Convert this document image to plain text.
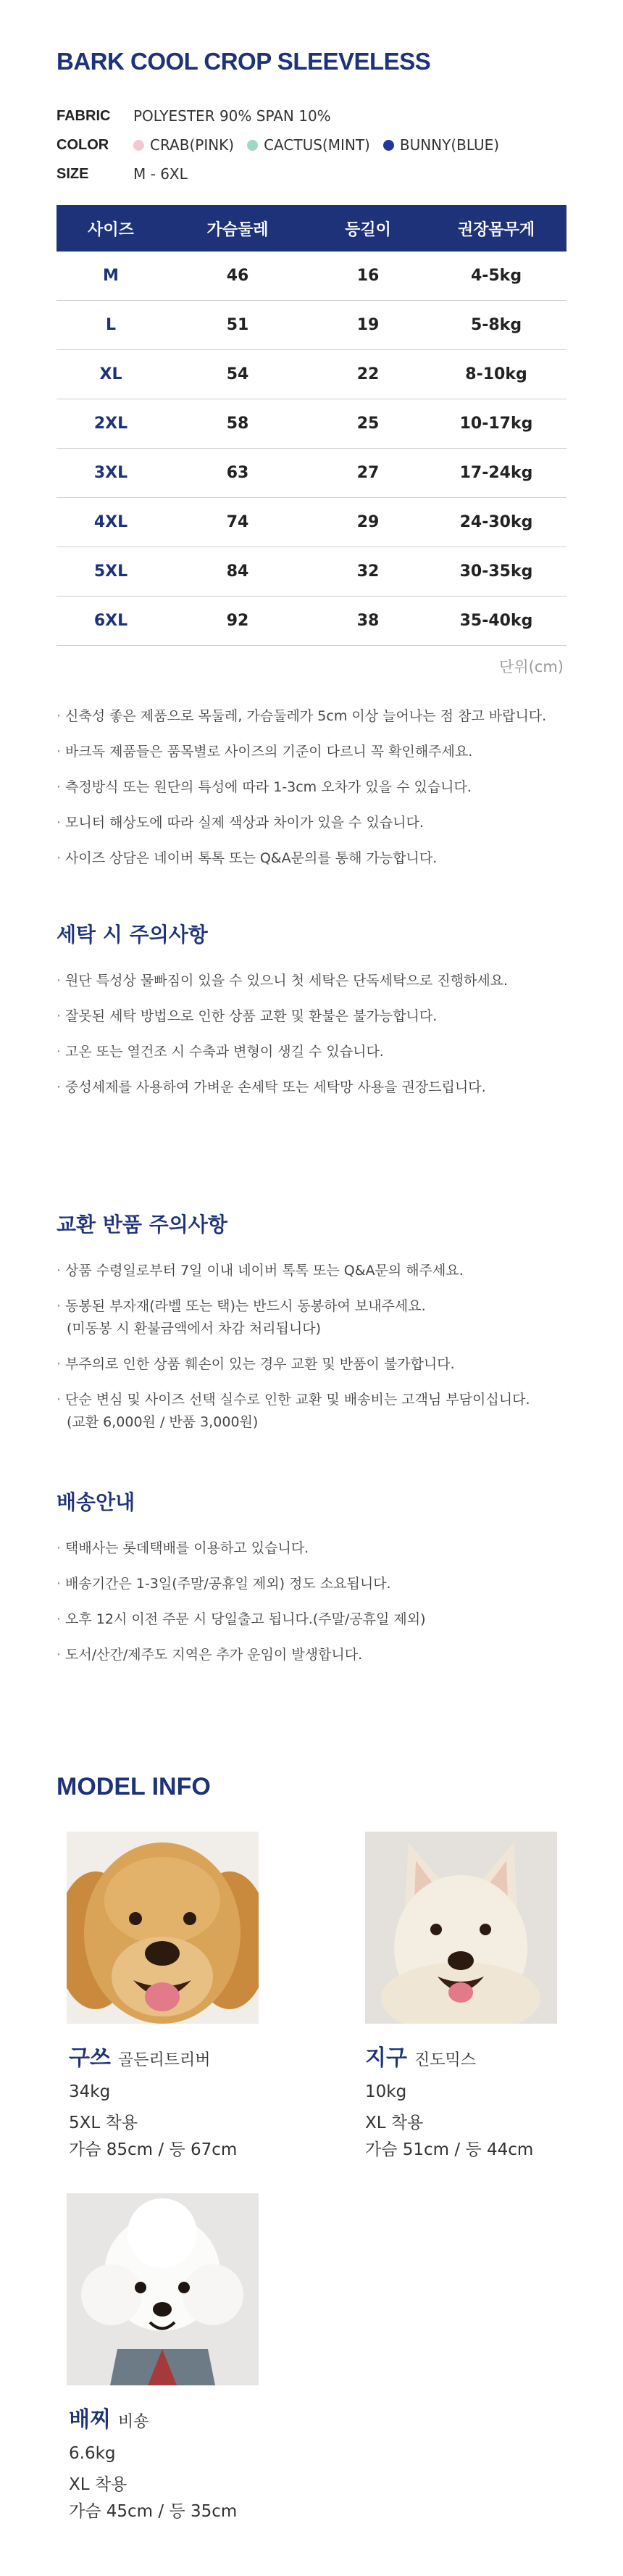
BARK COOL CROP SLEEVELESS
FABRIC	POLYESTER 90% SPAN 10%
COLOR	CRAB(PINK) CACTUS(MINT) BUNNY(BLUE)
SIZE	M - 6XL
사이즈	가슴둘레	등길이	권장몸무게
M	46	16	4-5kg
L	51	19	5-8kg
XL	54	22	8-10kg
2XL	58	25	10-17kg
3XL	63	27	17-24kg
4XL	74	29	24-30kg
5XL	84	32	30-35kg
6XL	92	38	35-40kg
단위(cm)
· 신축성 좋은 제품으로 목둘레, 가슴둘레가 5cm 이상 늘어나는 점 참고 바랍니다.
· 바크독 제품들은 품목별로 사이즈의 기준이 다르니 꼭 확인해주세요.
· 측정방식 또는 원단의 특성에 따라 1-3cm 오차가 있을 수 있습니다.
· 모니터 해상도에 따라 실제 색상과 차이가 있을 수 있습니다.
· 사이즈 상담은 네이버 톡톡 또는 Q&A문의를 통해 가능합니다.
세탁 시 주의사항
· 원단 특성상 물빠짐이 있을 수 있으니 첫 세탁은 단독세탁으로 진행하세요.
· 잘못된 세탁 방법으로 인한 상품 교환 및 환불은 불가능합니다.
· 고온 또는 열건조 시 수축과 변형이 생길 수 있습니다.
· 중성세제를 사용하여 가벼운 손세탁 또는 세탁망 사용을 권장드립니다.
교환 반품 주의사항
· 상품 수령일로부터 7일 이내 네이버 톡톡 또는 Q&A문의 해주세요.
· 동봉된 부자재(라벨 또는 택)는 반드시 동봉하여 보내주세요.
(미동봉 시 환불금액에서 차감 처리됩니다)
· 부주의로 인한 상품 훼손이 있는 경우 교환 및 반품이 불가합니다.
· 단순 변심 및 사이즈 선택 실수로 인한 교환 및 배송비는 고객님 부담이십니다.
(교환 6,000원 / 반품 3,000원)
배송안내
· 택배사는 롯데택배를 이용하고 있습니다.
· 배송기간은 1-3일(주말/공휴일 제외) 정도 소요됩니다.
· 오후 12시 이전 주문 시 당일출고 됩니다.(주말/공휴일 제외)
· 도서/산간/제주도 지역은 추가 운임이 발생합니다.
MODEL INFO
구쓰 골든리트리버
34kg
5XL 착용
가슴 85cm / 등 67cm
지구 진도믹스
10kg
XL 착용
가슴 51cm / 등 44cm
배찌 비숑
6.6kg
XL 착용
가슴 45cm / 등 35cm
